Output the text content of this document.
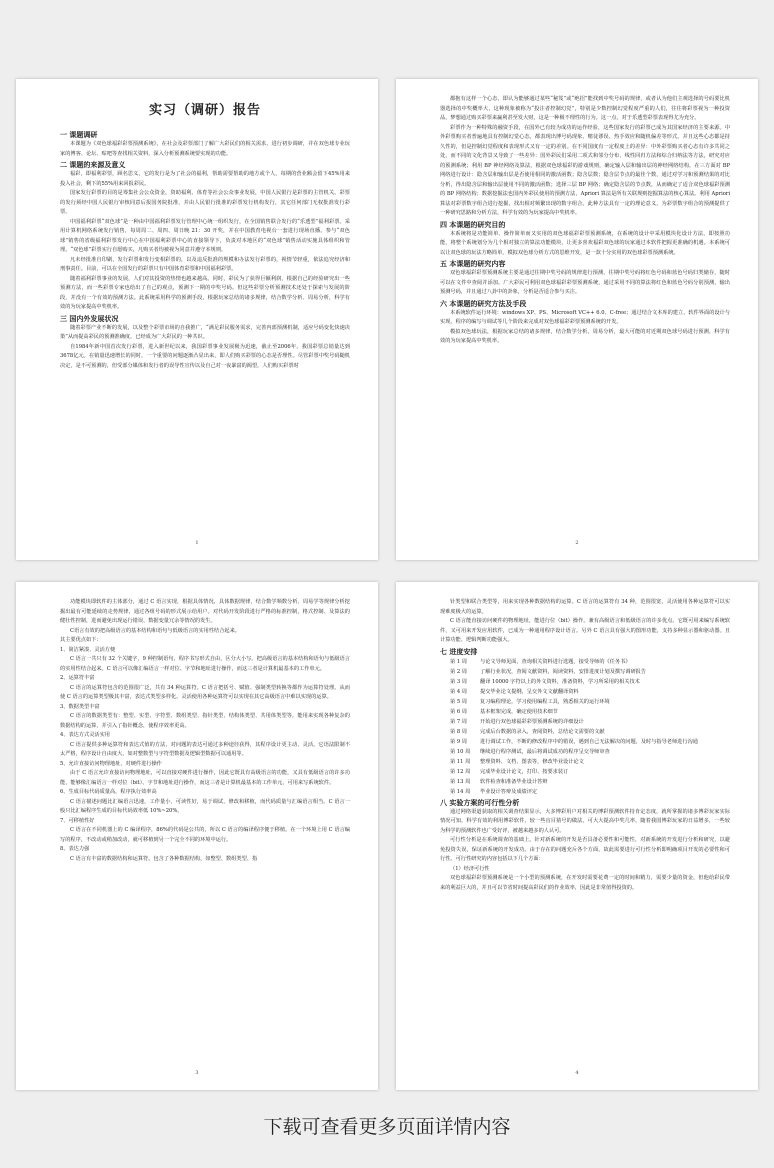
实习（调研）报告
一 课题调研

本课题为《双色球福彩彩票预测系统》，在社会及彩票部门了解广大彩民们的相关需求，进行初步调研，并在双色球专业玩家的博客、论坛、贴吧等查找相关资料，深入分析预测系统要实现的功能。

二 课题的来源及意义

福彩，即福利彩票，顾名思义，它的发行是为了社会的福利，帮助需要帮助的地方或个人，每期的营业额会留下45%用来投入社会，剩下的55%用来回报彩民。

国家发行彩票的目的是筹集社会公众资金，资助福利、体育等社会公众事业发展，中国人民银行是彩票的主管机关。彩票的发行须经中国人民银行审核同意后报国务院批准，并由人民银行批准的彩票发行机构发行，其它任何部门无权批准发行彩票。

中国福利彩票“双色球”是一种由中国福利彩票发行管理中心统一组织发行，在全国销售联合发行的“乐透型”福利彩票。采用计算机网络系统发行销售，每周周二、周四、周日晚 21：30 开奖，并在中国教育电视台一套进行现场直播。参与“双色球”销售的省级福利彩票发行中心在中国福利彩票中心的直接领导下，负责对本地区的“双色球”销售活动实施具体组织和管理。“双色球”彩票实行自愿购买，凡购买者均被视为同意并遵守本规则。

凡未经批准自印刷、发行彩票和发行变相彩票的，以及违反批准的规模和办法发行彩票的，视情节轻重，依法追究经济和刑事责任。目前，可以在全国发行的彩票只有中国体育彩票和中国福利彩票。

随着福利彩票事业的发展，人们对其投资的热情也越来越高。同时，彩民为了获得巨额利润，根据自己的经验研究出一些预测方法，而一些彩票专家也给出了自己的观点，预测下一期的中奖号码。但这些彩票分析预测技术还处于探索与发展的阶段，并没有一个有效的预测方法。此系统采用科学的预测手段，根据玩家总结的诸多规律，结合数学分析、周易分析，科学有效的为玩家提高中奖机率。

三 国内外发展状况

随着彩票产业不断的发展，以及整个彩票市场的自我推广，“满足彩民服务需求，完善内部预测机制，适应号码变化快速决策”从而提高彩民的预测准确度，已经成为广大彩民的一种共识。

自1984年新中国首次发行彩票，进入新世纪以来，我国彩票事业发展极为迅速，截止至2006年，我国彩票总销量达到3678亿元。在销量迅速增长的同时，一个重要的问题逐渐凸显出来，即人们购买彩票的心态是否理性。尽管彩票中奖号码随机决定，是不可预测的，但受部分媒体和发行者的误导性宣传以及自己对一夜暴富的渴望，人们购买彩票时

1

都抱有这样一个心态，即认为能够通过某些“秘笈”或“绝招”能找到中奖号码的规律，或者认为他们主观选择的号码要比机器选择的中奖概率大，这种现象被称为“投注者控制幻觉”，特别是少数控制幻觉程度严重的人们，往往将彩票视为一种投资品，梦想通过购买彩票来赢利甚至发大财，这是一种极不理性的行为。这一点，对于乐透型彩票表现得尤为充分。

彩票作为一种特殊的融资手段，在国外已有较为成功的运作经验，这些国家发行的彩票已成为其国家经济的主要来源。中外彩票购买者普遍地具有控制幻觉心态，都表现出博号码现象、赌徒谬误、热手效应和随机偏差等形式。并且这些心态都是持久性的，但是控制幻觉程度和表现形式又有一定的差别。在不同国度有一定程度上的差异：中外彩票购买者心态有许多共同之处，而不同的文化背景又导致了一些差异：国外彩民们采用二项式和邻分分布、线性回归方法和综合归纳法等方法，研究对应的预测系统；利用 BP 神经网络及算法，根据双色球福彩的游戏规则，确定输入层和输出层的神经网络结构，在三方面对 BP 网络进行设计：隐含层和输出层是否使用相同的激活函数；隐含层数；隐含层节点的最佳个数，通过对学习和预测结果的对比分析，得出隐含层和输出层使用不同的激活函数；选择三层 BP 网络；确定隐含层的节点数，从而确定了适合双色球福彩预测的 BP 网络结构；数据挖掘法也国内外彩民使用的预测方法，Apriori 算法是所有关联规则挖掘算法的核心算法。利用 Apriori 算法对彩票数字组合进行挖掘，找出相对频繁出现的数字组合。此种方法具有一定的理论意义，为彩票数字组合的预测提供了一种研究思路和分析方法，科学有效的为玩家提高中奖机率。

四 本课题的研究目的

本系统将是功能简单、操作简单而又实用的双色球福彩彩票预测系统，在系统的设计中采用模块化设计方法，即按照功能，将整个系统划分为几个相对独立的算法功能模块，让更多喜欢福彩双色球的玩家通过本软件把握更准确的机遇。本系统可以让双色球的玩法方略简单，模拟双色球分析方式的思维开发，是一款十分实用的双色球彩票预测系统。

五 本课题的研究内容

双色球福彩彩票预测系统主要是通过往期中奖号码的规律进行预测，往期中奖号码将红色号码和蓝色号码归类储存，随时可以在文件中查阅并添加。广大彩民可利用双色球福彩彩票预测系统，通过采用不同的算法将红色和蓝色号码分别预测，输出预测号码，并且通过八卦中的卦象，分析是否适合参与买注。

六 本课题的研究方法及手段

本系统软件运行环境：windows XP、PS、Microsoft VC++ 6.0、C-free；通过结合文本库的建立、软件界面的设计与实现、程序的编写与调试等几个阶段来完成对双色球福彩彩票预测系统的开发。

模拟双色球玩法，根据玩家总结的诸多规律，结合数学分析、周易分析，最大可能的对近期双色球号码进行预测，科学有效的为玩家提高中奖机率。

2

功能模块即软件的主体部分，通过 C 语言实现，根据具体情况，具体数据规律，结合数学频数分析、周易学等规律分析挖掘出最有可能延续的走势规律，通过各组号码的形式展示给用户。对代码开发阶段进行严格的标准控制，格式控制、及算法的健壮性控制，进而避免出现运行错误、数据变量冗余等情况的发生。

C语言有效的把高级语言的基本结构和语句与低级语言的实用性结合起来。

其主要优点如下：

1、简洁紧凑、灵活方便

C 语言一共只有 32 个关键字，9 种控制语句，程序书写形式自由，区分大小写。把高级语言的基本结构和语句与低级语言的实用性结合起来。C 语言可以像汇编语言一样对位、字节和地址进行操作，而这三者是计算机最基本的工作单元。

2、运算符丰富

C 语言的运算符包含的范围很广泛，共有 34 种运算符。C 语言把括号、赋值、强制类型转换等都作为运算符处理。从而使 C 语言的运算类型极其丰富，表达式类型多样化。灵活使用各种运算符可以实现在其它高级语言中难以实现的运算。

3、数据类型丰富

C 语言的数据类型有：整型、实型、字符型、数组类型、指针类型、结构体类型、共用体类型等。能用来实现各种复杂的数据结构的运算，并引入了指针概念，使程序效率更高。

4、表达方式灵活实用

C 语言提供多种运算符和表达式值的方法，对问题的表达可通过多种途径获得，其程序设计更主动、灵活。它语法限制不太严格，程序设计自由度大，如对整数型与字符型数据及逻辑型数据可以通用等。

5、允许直接访问物理地址，对硬件进行操作

由于 C 语言允许直接访问物理地址，可以直接对硬件进行操作，因此它既具有高级语言的功能，又具有低级语言的许多功能，能够像汇编语言一样对位（bit）、字节和地址进行操作，而这三者是计算机最基本的工作单元，可用来写系统软件。

6、生成目标代码质量高，程序执行效率高

C 语言描述问题比汇编语言迅速，工作量小、可读性好，易于调试、修改和移植，而代码质量与汇编语言相当。C 语言一般只比汇编程序生成的目标代码效率低 10%~20%。

7、可移植性好

C 语言在不同机器上的 C 编译程序，86%的代码是公共的，所以 C 语言的编译程序便于移植。在一个环境上用 C 语言编写的程序，不改动或稍加改动，就可移植到另一个完全不同的环境中运行。

8、表达力强

C 语言有丰富的数据结构和运算符。包含了各种数据结构，如整型、数组类型、指

3

针类型和联合类型等，用来实现各种数据结构的运算。C 语言的运算符有 34 种，范围很宽，灵活使用各种运算符可以实现难度极大的运算。

C 语言能直接访问硬件的物理地址，能进行位（bit）操作。兼有高级语言和低级语言的许多优点。它既可用来编写系统软件，又可用来开发应用软件，已成为一种通用程序设计语言。另外 C 语言具有强大的图形功能，支持多种显示器和驱动器。且计算功能、逻辑判断功能强大。

七 进度安排
第 1 周	与论文导师见面，查询相关资料进行选题，接受导师的《任务书》
第 2 周	了解行业状况，查阅文献资料，阅读资料，安排进度计划及撰写调研报告
第 3 周	翻译 10000 字符以上的外文资料，准备资料，学习所采用的相关技术
第 4 周	提交毕业论文提纲，呈交外文文献翻译资料
第 5 周	复习编程理论，学习使用编程工具，熟悉相关的运行环境
第 6 周	基本框架完成，确定使用技术细节
第 7 周	开始进行双色球福彩彩票预测系统的详细设计
第 8 周	完成后台数据的录入，查阅资料，总结论文需要的文献
第 9 周	进行调试工作，不断的修改程序中的错误，遇到自己无法解决的问题，及时与指导老师进行沟通
第 10 周 继续进行程序测试，最后将调试成功的程序呈交导师审查
第 11 周 整理资料、文档、图表等，修改毕业设计论文
第 12 周 完成毕业设计论文，打印、按要求装订
第 13 周 软件检查和准备毕业设计答辩
第 14 周 毕业设计答辩及成绩评定
八 实验方案的可行性分析

通过网络渠道获取的相关调查结果显示，大多博彩用户对相关的博彩预测软件持肯定态度，就所掌握的诸多博彩玩家实际情况可知，科学有效的利用博彩软件，较一些盲目猜号的做法，可大大提高中奖几率，随着我国博彩玩家的日益增多，一些较为科学的预测软件也广受好评，被越来越多的人认可。

可行性分析是在系统调查的基础上，针对新系统的开发是否具备必要性和可能性，对新系统的开发进行分析和研究，以避免投资失误，保证新系统的开发成功。由于存在的问题充斥各个方面，故此需要进行可行性分析即明确项目开发的必要性和可行性。可行性研究的内容包括以下几个方面：

（1）经济可行性

双色球福彩彩票预测系统是一个小型的预测系统，在开发时需要花费一定的时间和精力，需要少量的资金，但他给彩民带来的利益巨大的，并且可以节省时间提高彩民们的作业效率，因此是非常值得投资的。

4
下载可查看更多页面详情内容
